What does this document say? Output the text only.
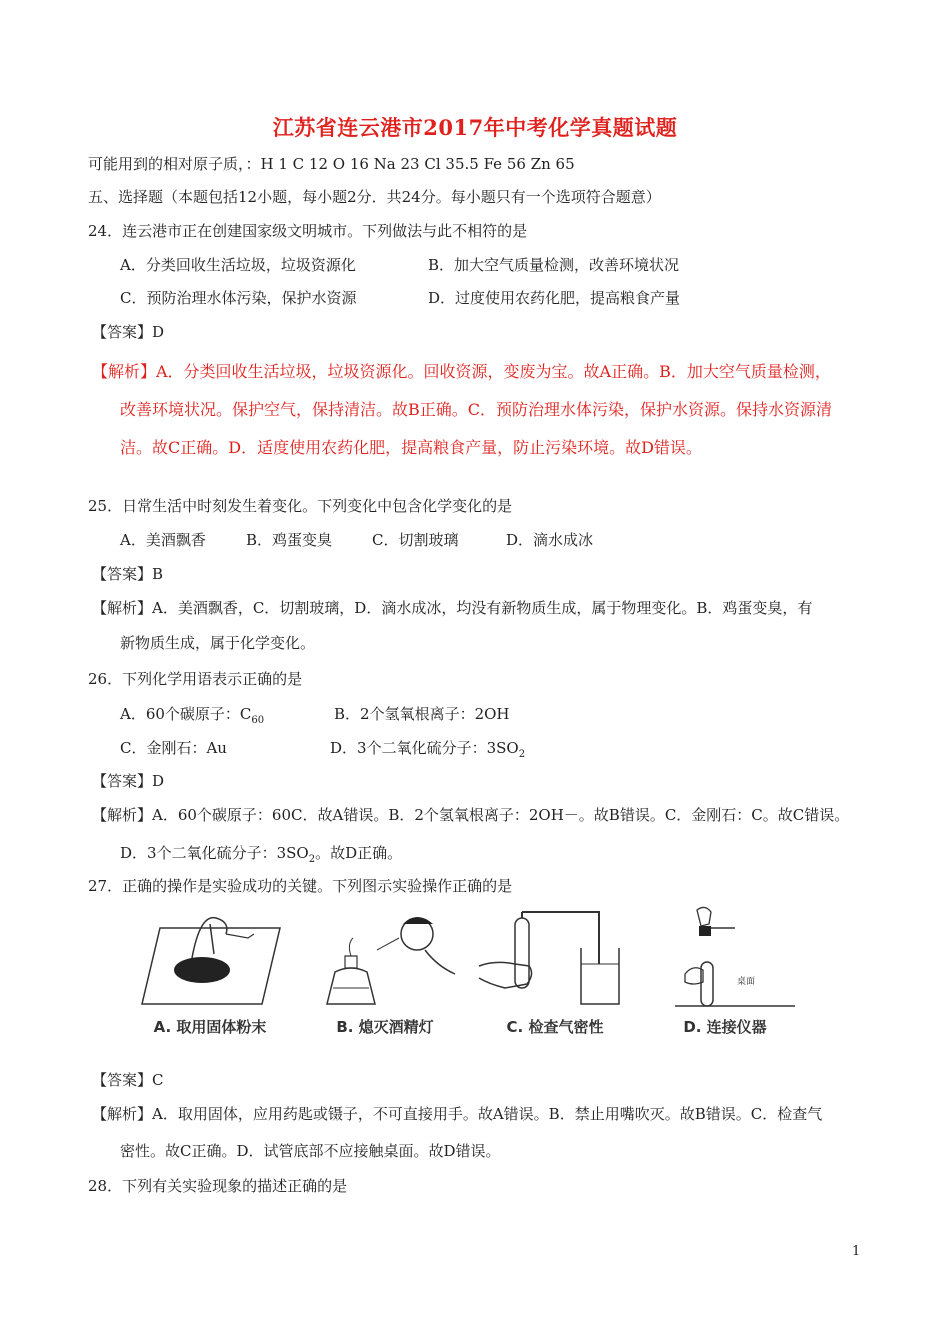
江苏省连云港市2017年中考化学真题试题
可能用到的相对原子质，：H 1 C 12 O 16 Na 23 Cl 35.5 Fe 56 Zn 65
五、选择题（本题包括12小题，每小题2分．共24分。每小题只有一个选项符合题意）
24．连云港市正在创建国家级文明城市。下列做法与此不相符的是
A．分类回收生活垃圾，垃圾资源化	B．加大空气质量检测，改善环境状况
C．预防治理水体污染，保护水资源	D．过度使用农药化肥，提高粮食产量
【答案】D
【解析】A．分类回收生活垃圾，垃圾资源化。回收资源，变废为宝。故A正确。B．加大空气质量检测，
改善环境状况。保护空气，保持清洁。故B正确。C．预防治理水体污染，保护水资源。保持水资源清
洁。故C正确。D．适度使用农药化肥，提高粮食产量，防止污染环境。故D错误。
25．日常生活中时刻发生着变化。下列变化中包含化学变化的是
A．美酒飘香	B．鸡蛋变臭	C．切割玻璃	D．滴水成冰
【答案】B
【解析】A．美酒飘香，C．切割玻璃，D．滴水成冰，均没有新物质生成，属于物理变化。B．鸡蛋变臭，有
新物质生成，属于化学变化。
26．下列化学用语表示正确的是
A．60个碳原子：$C_{60}$	B．2个氢氧根离子：2OH
C．金刚石：Au	D．3个二氧化硫分子：$3SO_2$
【答案】D
【解析】A．60个碳原子：60C．故A错误。B．2个氢氧根离子：2OH－。故B错误。C．金刚石：C。故C错误。
D．3个二氧化硫分子：$3SO_2$。故D正确。
27．正确的操作是实验成功的关键。下列图示实验操作正确的是
A. 取用固体粉末	B. 熄灭酒精灯	C. 检查气密性
桌面
D. 连接仪器
【答案】C
【解析】A．取用固体，应用药匙或镊子，不可直接用手。故A错误。B．禁止用嘴吹灭。故B错误。C．检查气
密性。故C正确。D．试管底部不应接触桌面。故D错误。
28．下列有关实验现象的描述正确的是
1
